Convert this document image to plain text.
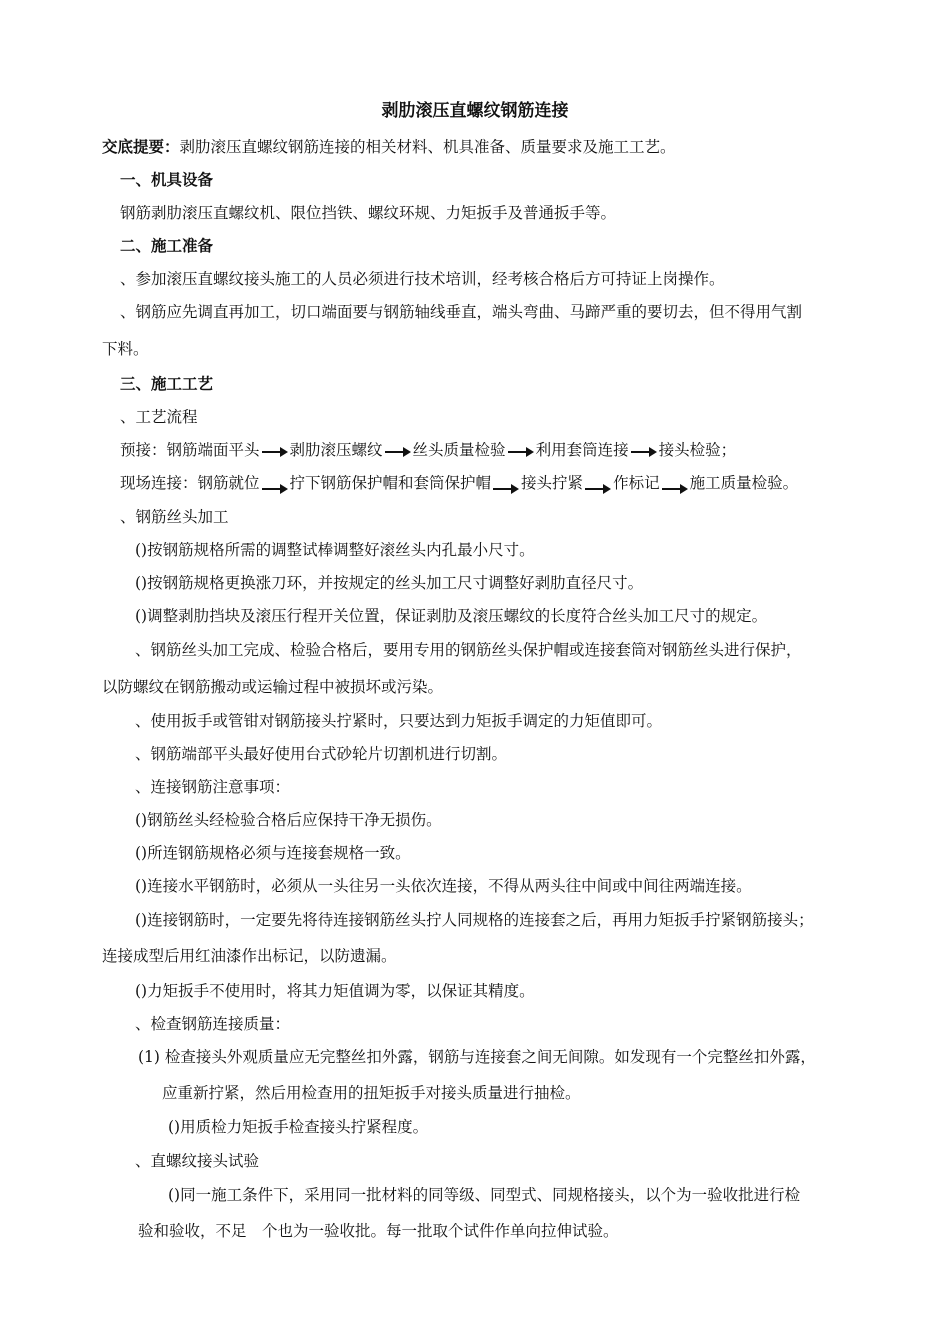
剥肋滚压直螺纹钢筋连接
交底提要：剥肋滚压直螺纹钢筋连接的相关材料、机具准备、质量要求及施工工艺。
一、机具设备
钢筋剥肋滚压直螺纹机、限位挡铁、螺纹环规、力矩扳手及普通扳手等。
二、施工准备
、参加滚压直螺纹接头施工的人员必须进行技术培训，经考核合格后方可持证上岗操作。
、钢筋应先调直再加工，切口端面要与钢筋轴线垂直，端头弯曲、马蹄严重的要切去，但不得用气割
下料。
三、施工工艺
、工艺流程
预接：钢筋端面平头 剥肋滚压螺纹 丝头质量检验 利用套筒连接 接头检验；
现场连接：钢筋就位 拧下钢筋保护帽和套筒保护帽 接头拧紧 作标记 施工质量检验。
、钢筋丝头加工
()按钢筋规格所需的调整试棒调整好滚丝头内孔最小尺寸。
()按钢筋规格更换涨刀环，并按规定的丝头加工尺寸调整好剥肋直径尺寸。
()调整剥肋挡块及滚压行程开关位置，保证剥肋及滚压螺纹的长度符合丝头加工尺寸的规定。
、钢筋丝头加工完成、检验合格后，要用专用的钢筋丝头保护帽或连接套筒对钢筋丝头进行保护，
以防螺纹在钢筋搬动或运输过程中被损坏或污染。
、使用扳手或管钳对钢筋接头拧紧时，只要达到力矩扳手调定的力矩值即可。
、钢筋端部平头最好使用台式砂轮片切割机进行切割。
、连接钢筋注意事项：
()钢筋丝头经检验合格后应保持干净无损伤。
()所连钢筋规格必须与连接套规格一致。
()连接水平钢筋时，必须从一头往另一头依次连接，不得从两头往中间或中间往两端连接。
()连接钢筋时，一定要先将待连接钢筋丝头拧人同规格的连接套之后，再用力矩扳手拧紧钢筋接头；
连接成型后用红油漆作出标记，以防遗漏。
()力矩扳手不使用时，将其力矩值调为零，以保证其精度。
、检查钢筋连接质量：
(1) 检查接头外观质量应无完整丝扣外露，钢筋与连接套之间无间隙。如发现有一个完整丝扣外露，
应重新拧紧，然后用检查用的扭矩扳手对接头质量进行抽检。
()用质检力矩扳手检查接头拧紧程度。
、直螺纹接头试验
()同一施工条件下，采用同一批材料的同等级、同型式、同规格接头，以个为一验收批进行检
验和验收，不足　个也为一验收批。每一批取个试件作单向拉伸试验。
